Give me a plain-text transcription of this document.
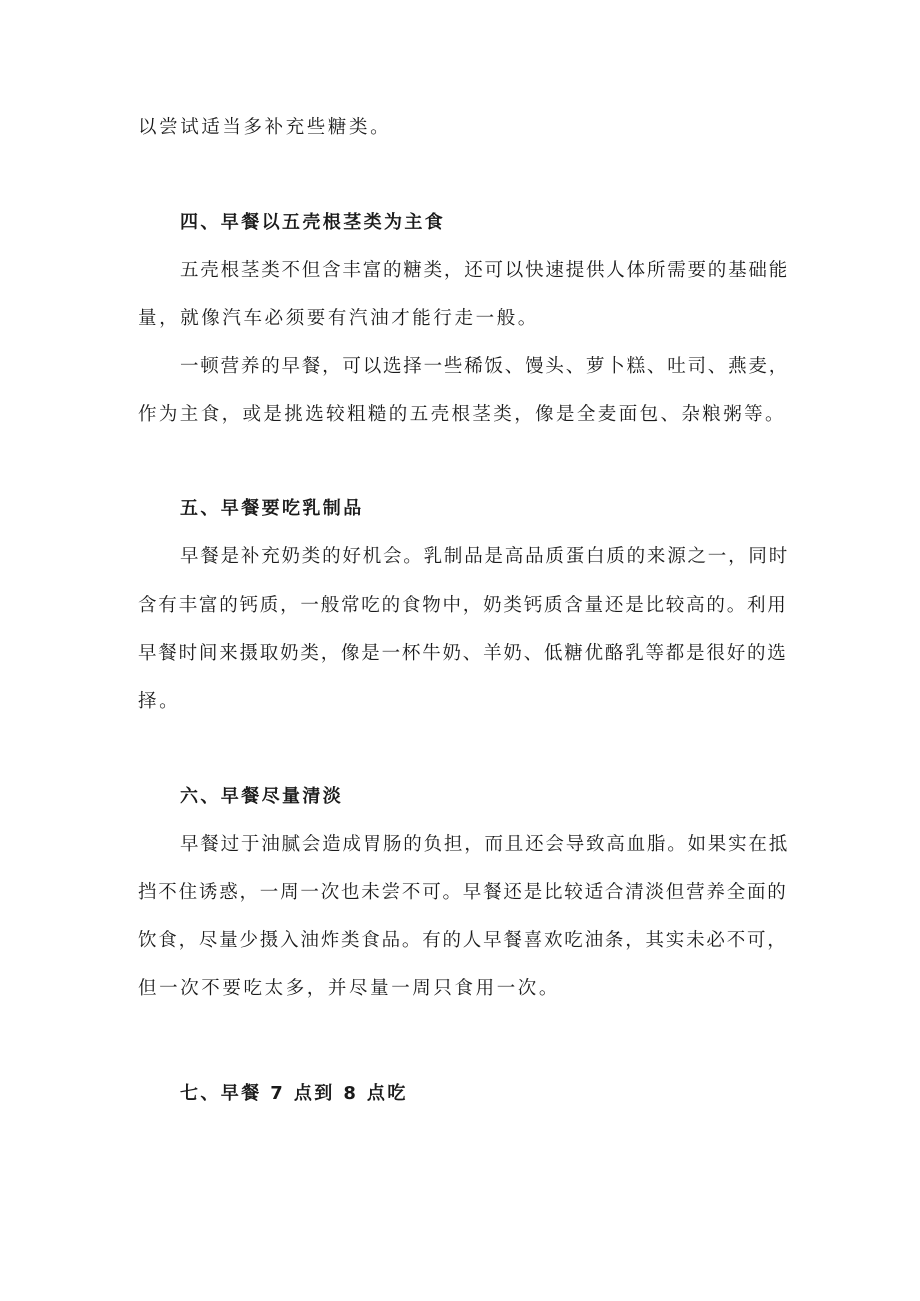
以尝试适当多补充些糖类。
四、早餐以五壳根茎类为主食
五壳根茎类不但含丰富的糖类，还可以快速提供人体所需要的基础能
量，就像汽车必须要有汽油才能行走一般。
一顿营养的早餐，可以选择一些稀饭、馒头、萝卜糕、吐司、燕麦，
作为主食，或是挑选较粗糙的五壳根茎类，像是全麦面包、杂粮粥等。
五、早餐要吃乳制品
早餐是补充奶类的好机会。乳制品是高品质蛋白质的来源之一，同时
含有丰富的钙质，一般常吃的食物中，奶类钙质含量还是比较高的。利用
早餐时间来摄取奶类，像是一杯牛奶、羊奶、低糖优酪乳等都是很好的选
择。
六、早餐尽量清淡
早餐过于油腻会造成胃肠的负担，而且还会导致高血脂。如果实在抵
挡不住诱惑，一周一次也未尝不可。早餐还是比较适合清淡但营养全面的
饮食，尽量少摄入油炸类食品。有的人早餐喜欢吃油条，其实未必不可，
但一次不要吃太多，并尽量一周只食用一次。
七、早餐 7 点到 8 点吃
